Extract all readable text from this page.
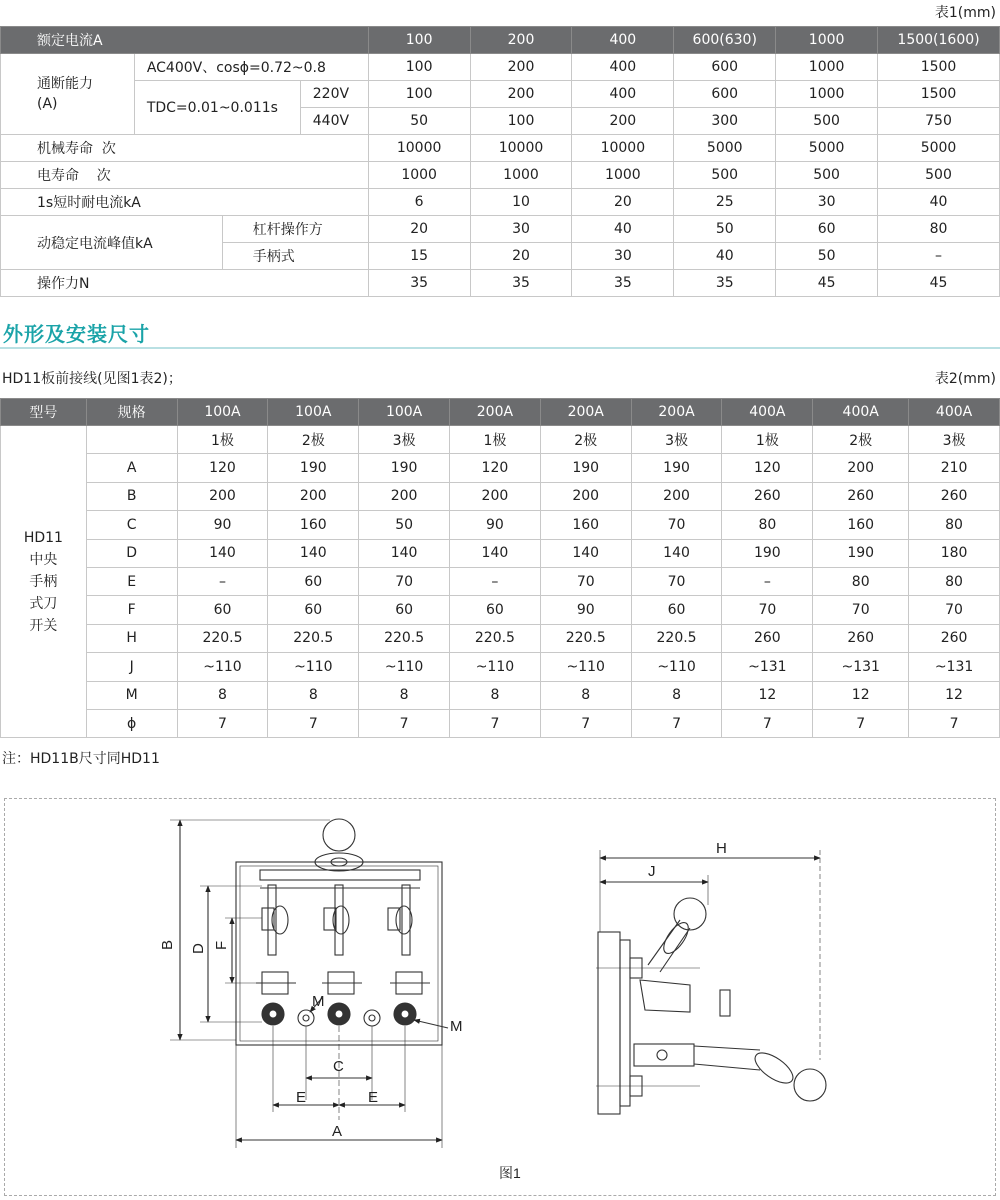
表1(mm)
额定电流A				100	200	400	600(630)	1000	1500(1600)
通断能力
(A)	AC400V、cosϕ=0.72~0.8			100	200	400	600	1000	1500
	TDC=0.01~0.011s		220V	100	200	400	600	1000	1500
			440V	50	100	200	300	500	750
机械寿命  次				10000	10000	10000	5000	5000	5000
电寿命    次				1000	1000	1000	500	500	500
1s短时耐电流kA				6	10	20	25	30	40
动稳定电流峰值kA		杠杆操作方		20	30	40	50	60	80
		手柄式		15	20	30	40	50	–
操作力N				35	35	35	35	45	45
外形及安装尺寸
HD11板前接线(见图1表2)；	表2(mm)
型号	规格	100A	100A	100A	200A	200A	200A	400A	400A	400A

HD11
中央
手柄
式刀
开关		1极	2极	3极	1极	2极	3极	1极	2极	3极
	A	120	190	190	120	190	190	120	200	210
	B	200	200	200	200	200	200	260	260	260
	C	90	160	50	90	160	70	80	160	80
	D	140	140	140	140	140	140	190	190	180
	E	–	60	70	–	70	70	–	80	80
	F	60	60	60	60	90	60	70	70	70
	H	220.5	220.5	220.5	220.5	220.5	220.5	260	260	260
	J	~110	~110	~110	~110	~110	~110	~131	~131	~131
	M	8	8	8	8	8	8	12	12	12
	ϕ	7	7	7	7	7	7	7	7	7
注：HD11B尺寸同HD11
B D F
C
E	E
A
M
M
H
J
图1
